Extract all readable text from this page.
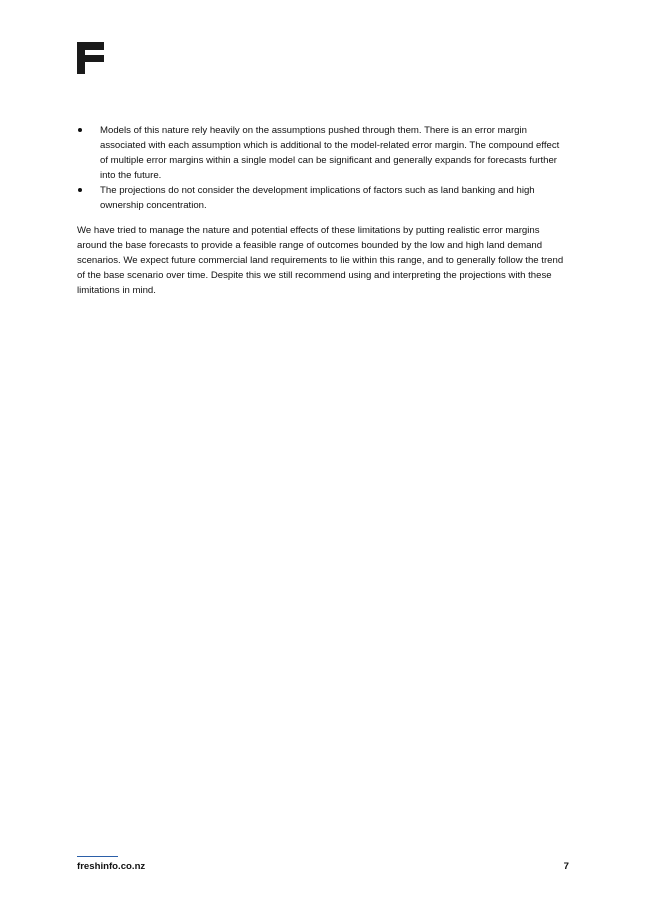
Models of this nature rely heavily on the assumptions pushed through them. There is an error margin associated with each assumption which is additional to the model-related error margin. The compound effect of multiple error margins within a single model can be significant and generally expands for forecasts further into the future.
The projections do not consider the development implications of factors such as land banking and high ownership concentration.

We have tried to manage the nature and potential effects of these limitations by putting realistic error margins around the base forecasts to provide a feasible range of outcomes bounded by the low and high land demand scenarios. We expect future commercial land requirements to lie within this range, and to generally follow the trend of the base scenario over time. Despite this we still recommend using and interpreting the projections with these limitations in mind.

freshinfo.co.nz	7
